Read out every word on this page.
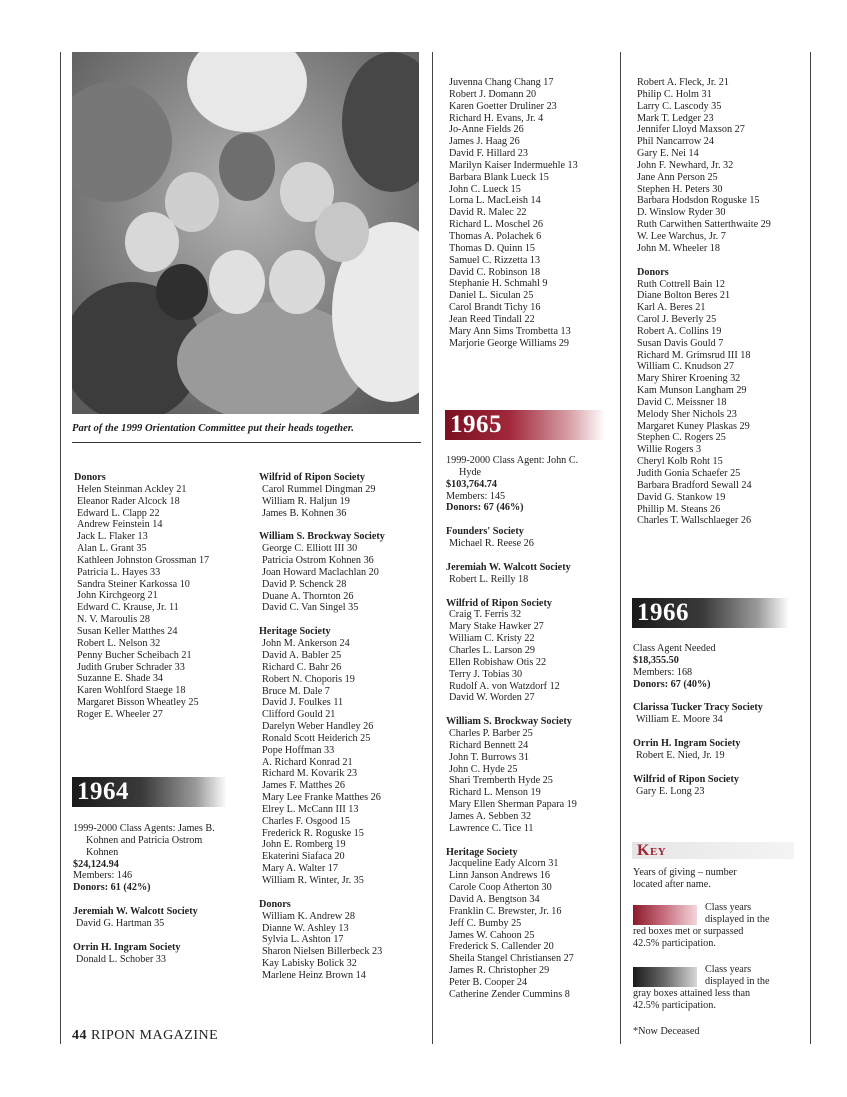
Part of the 1999 Orientation Committee put their heads together.
Donors
Helen Steinman Ackley 21
Eleanor Rader Alcock 18
Edward L. Clapp 22
Andrew Feinstein 14
Jack L. Flaker 13
Alan L. Grant 35
Kathleen Johnston Grossman 17
Patricia L. Hayes 33
Sandra Steiner Karkossa 10
John Kirchgeorg 21
Edward C. Krause, Jr. 11
N. V. Maroulis 28
Susan Keller Matthes 24
Robert L. Nelson 32
Penny Bucher Scheibach 21
Judith Gruber Schrader 33
Suzanne E. Shade 34
Karen Wohlford Staege 18
Margaret Bisson Wheatley 25
Roger E. Wheeler 27
1964
1999-2000 Class Agents: James B.
Kohnen and Patricia Ostrom
Kohnen
$24,124.94
Members: 146
Donors: 61 (42%)
Jeremiah W. Walcott Society
David G. Hartman 35
Orrin H. Ingram Society
Donald L. Schober 33
Wilfrid of Ripon Society
Carol Rummel Dingman 29
William R. Haljun 19
James B. Kohnen 36
William S. Brockway Society
George C. Elliott III 30
Patricia Ostrom Kohnen 36
Joan Howard Maclachlan 20
David P. Schenck 28
Duane A. Thornton 26
David C. Van Singel 35
Heritage Society
John M. Ankerson 24
David A. Babler 25
Richard C. Bahr 26
Robert N. Choporis 19
Bruce M. Dale 7
David J. Foulkes 11
Clifford Gould 21
Darelyn Weber Handley 26
Ronald Scott Heiderich 25
Pope Hoffman 33
A. Richard Konrad 21
Richard M. Kovarik 23
James F. Matthes 26
Mary Lee Franke Matthes 26
Elrey L. McCann III 13
Charles F. Osgood 15
Frederick R. Roguske 15
John E. Romberg 19
Ekaterini Siafaca 20
Mary A. Walter 17
William R. Winter, Jr. 35
Donors
William K. Andrew 28
Dianne W. Ashley 13
Sylvia L. Ashton 17
Sharon Nielsen Billerbeck 23
Kay Labisky Bolick 32
Marlene Heinz Brown 14
Juvenna Chang Chang 17
Robert J. Domann 20
Karen Goetter Druliner 23
Richard H. Evans, Jr. 4
Jo-Anne Fields 26
James J. Haag 26
David F. Hillard 23
Marilyn Kaiser Indermuehle 13
Barbara Blank Lueck 15
John C. Lueck 15
Lorna L. MacLeish 14
David R. Malec 22
Richard L. Moschel 26
Thomas A. Polachek 6
Thomas D. Quinn 15
Samuel C. Rizzetta 13
David C. Robinson 18
Stephanie H. Schmahl 9
Daniel L. Siculan 25
Carol Brandt Tichy 16
Jean Reed Tindall 22
Mary Ann Sims Trombetta 13
Marjorie George Williams 29
1965
1999-2000 Class Agent: John C.
Hyde
$103,764.74
Members: 145
Donors: 67 (46%)
Founders' Society
Michael R. Reese 26
Jeremiah W. Walcott Society
Robert L. Reilly 18
Wilfrid of Ripon Society
Craig T. Ferris 32
Mary Stake Hawker 27
William C. Kristy 22
Charles L. Larson 29
Ellen Robishaw Otis 22
Terry J. Tobias 30
Rudolf A. von Watzdorf 12
David W. Worden 27
William S. Brockway Society
Charles P. Barber 25
Richard Bennett 24
John T. Burrows 31
John C. Hyde 25
Shari Tremberth Hyde 25
Richard L. Menson 19
Mary Ellen Sherman Papara 19
James A. Sebben 32
Lawrence C. Tice 11
Heritage Society
Jacqueline Eady Alcorn 31
Linn Janson Andrews 16
Carole Coop Atherton 30
David A. Bengtson 34
Franklin C. Brewster, Jr. 16
Jeff C. Bumby 25
James W. Cahoon 25
Frederick S. Callender 20
Sheila Stangel Christiansen 27
James R. Christopher 29
Peter B. Cooper 24
Catherine Zender Cummins 8
Robert A. Fleck, Jr. 21
Philip C. Holm 31
Larry C. Lascody 35
Mark T. Ledger 23
Jennifer Lloyd Maxson 27
Phil Nancarrow 24
Gary E. Nei 14
John F. Newhard, Jr. 32
Jane Ann Person 25
Stephen H. Peters 30
Barbara Hodsdon Roguske 15
D. Winslow Ryder 30
Ruth Carwithen Satterthwaite 29
W. Lee Warchus, Jr. 7
John M. Wheeler 18
Donors
Ruth Cottrell Bain 12
Diane Bolton Beres 21
Karl A. Beres 21
Carol J. Beverly 25
Robert A. Collins 19
Susan Davis Gould 7
Richard M. Grimsrud III 18
William C. Knudson 27
Mary Shirer Kroening 32
Kam Munson Langham 29
David C. Meissner 18
Melody Sher Nichols 23
Margaret Kuney Plaskas 29
Stephen C. Rogers 25
Willie Rogers 3
Cheryl Kolb Roht 15
Judith Gonia Schaefer 25
Barbara Bradford Sewall 24
David G. Stankow 19
Phillip M. Steans 26
Charles T. Wallschlaeger 26
1966
Class Agent Needed
$18,355.50
Members: 168
Donors: 67 (40%)
Clarissa Tucker Tracy Society
William E. Moore 34
Orrin H. Ingram Society
Robert E. Nied, Jr. 19
Wilfrid of Ripon Society
Gary E. Long 23
Key
Years of giving – number
located after name.
Class years
displayed in the
red boxes met or surpassed
42.5% participation.
Class years
displayed in the
gray boxes attained less than
42.5% participation.
*Now Deceased
44 RIPON MAGAZINE
